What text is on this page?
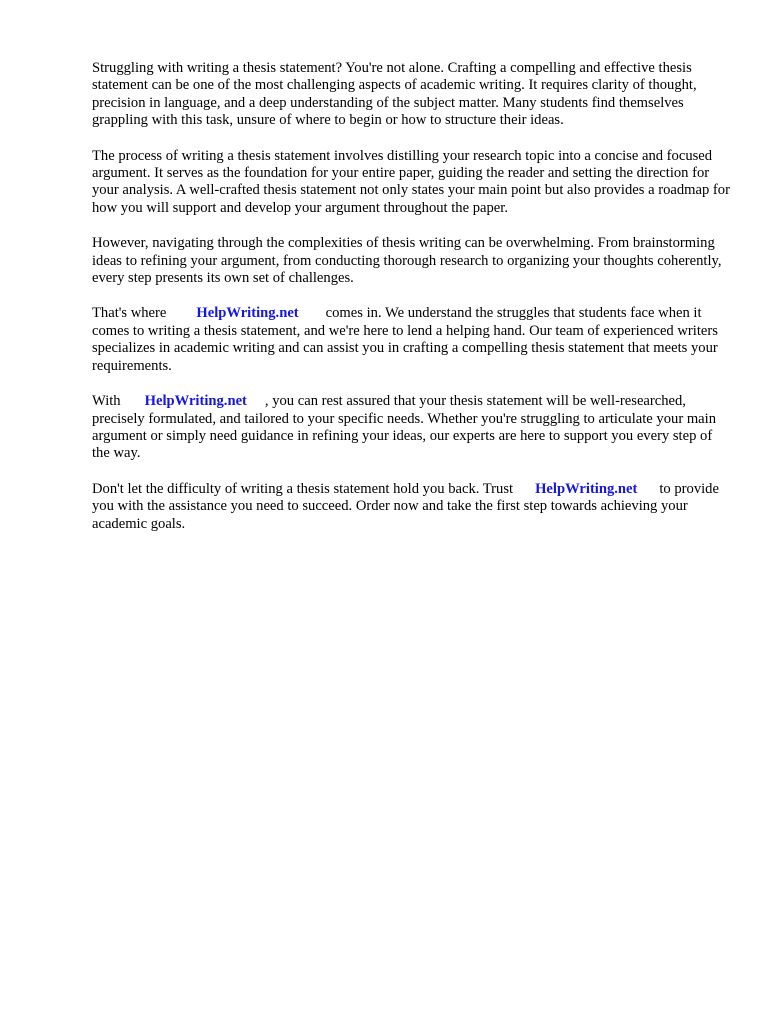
Struggling with writing a thesis statement? You're not alone. Crafting a compelling and effective thesis statement can be one of the most challenging aspects of academic writing. It requires clarity of thought, precision in language, and a deep understanding of the subject matter. Many students find themselves grappling with this task, unsure of where to begin or how to structure their ideas.

The process of writing a thesis statement involves distilling your research topic into a concise and focused argument. It serves as the foundation for your entire paper, guiding the reader and setting the direction for your analysis. A well-crafted thesis statement not only states your main point but also provides a roadmap for how you will support and develop your argument throughout the paper.

However, navigating through the complexities of thesis writing can be overwhelming. From brainstorming ideas to refining your argument, from conducting thorough research to organizing your thoughts coherently, every step presents its own set of challenges.

That's where HelpWriting.net comes in. We understand the struggles that students face when it comes to writing a thesis statement, and we're here to lend a helping hand. Our team of experienced writers specializes in academic writing and can assist you in crafting a compelling thesis statement that meets your requirements.

With HelpWriting.net , you can rest assured that your thesis statement will be well-researched, precisely formulated, and tailored to your specific needs. Whether you're struggling to articulate your main argument or simply need guidance in refining your ideas, our experts are here to support you every step of the way.

Don't let the difficulty of writing a thesis statement hold you back. Trust HelpWriting.net to provide you with the assistance you need to succeed. Order now and take the first step towards achieving your academic goals.
